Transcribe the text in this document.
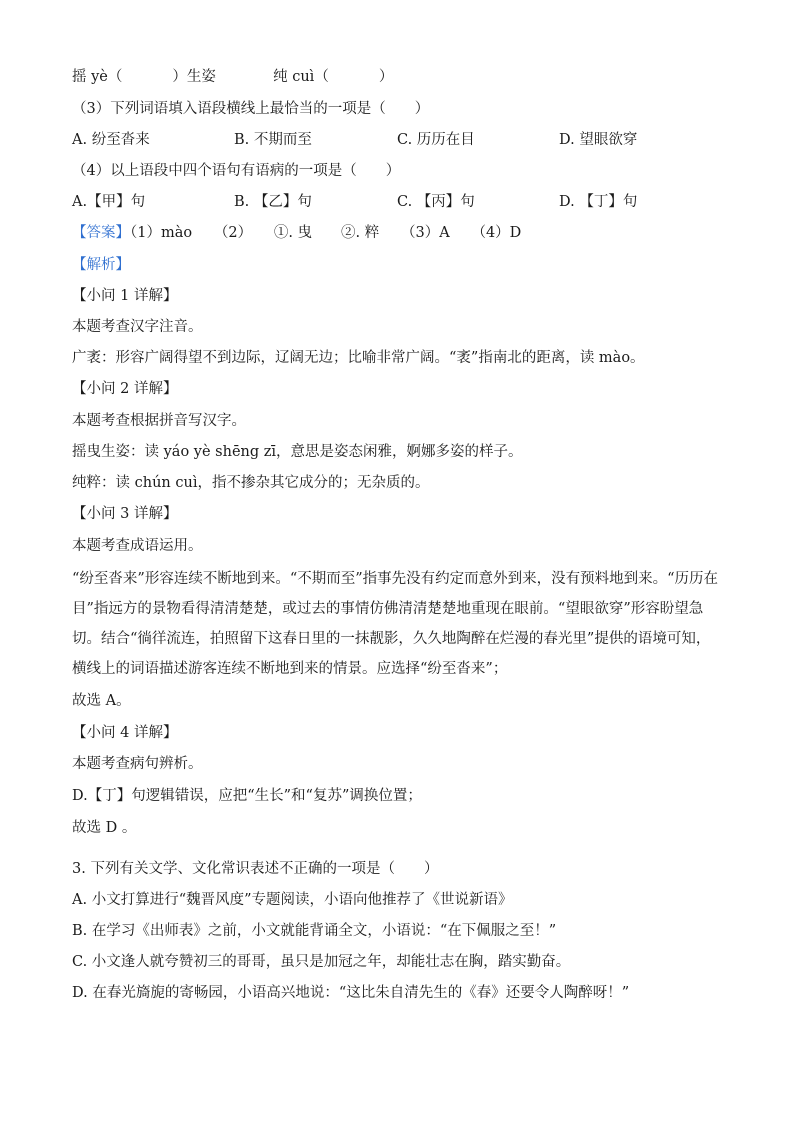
摇 yè（	）生姿	纯 cuì（	）
（3）下列词语填入语段横线上最恰当的一项是（　　）
A. 纷至沓来	B. 不期而至	C. 历历在目	D. 望眼欲穿
（4）以上语段中四个语句有语病的一项是（　　）
A.【甲】句	B. 【乙】句	C. 【丙】句	D. 【丁】句
【答案】（1）mào　　（2）　　①. 曳　　②. 粹　　（3）A　　（4）D
【解析】
【小问 1 详解】
本题考查汉字注音。
广袤：形容广阔得望不到边际，辽阔无边；比喻非常广阔。“袤”指南北的距离，读 mào。
【小问 2 详解】
本题考查根据拼音写汉字。
摇曳生姿：读 yáo yè shēng zī，意思是姿态闲雅，婀娜多姿的样子。
纯粹：读 chún cuì，指不掺杂其它成分的；无杂质的。
【小问 3 详解】
本题考查成语运用。
“纷至沓来”形容连续不断地到来。“不期而至”指事先没有约定而意外到来，没有预料地到来。“历历在目”指远方的景物看得清清楚楚，或过去的事情仿佛清清楚楚地重现在眼前。“望眼欲穿”形容盼望急切。结合“徜徉流连，拍照留下这春日里的一抹靓影，久久地陶醉在烂漫的春光里”提供的语境可知，横线上的词语描述游客连续不断地到来的情景。应选择“纷至沓来”；
故选 A。
【小问 4 详解】
本题考查病句辨析。
D.【丁】句逻辑错误，应把“生长”和“复苏”调换位置；
故选 D 。
3. 下列有关文学、文化常识表述不正确的一项是（　　）
A. 小文打算进行“魏晋风度”专题阅读，小语向他推荐了《世说新语》
B. 在学习《出师表》之前，小文就能背诵全文，小语说：“在下佩服之至！”
C. 小文逢人就夸赞初三的哥哥，虽只是加冠之年，却能壮志在胸，踏实勤奋。
D. 在春光旖旎的寄畅园，小语高兴地说：“这比朱自清先生的《春》还要令人陶醉呀！”
